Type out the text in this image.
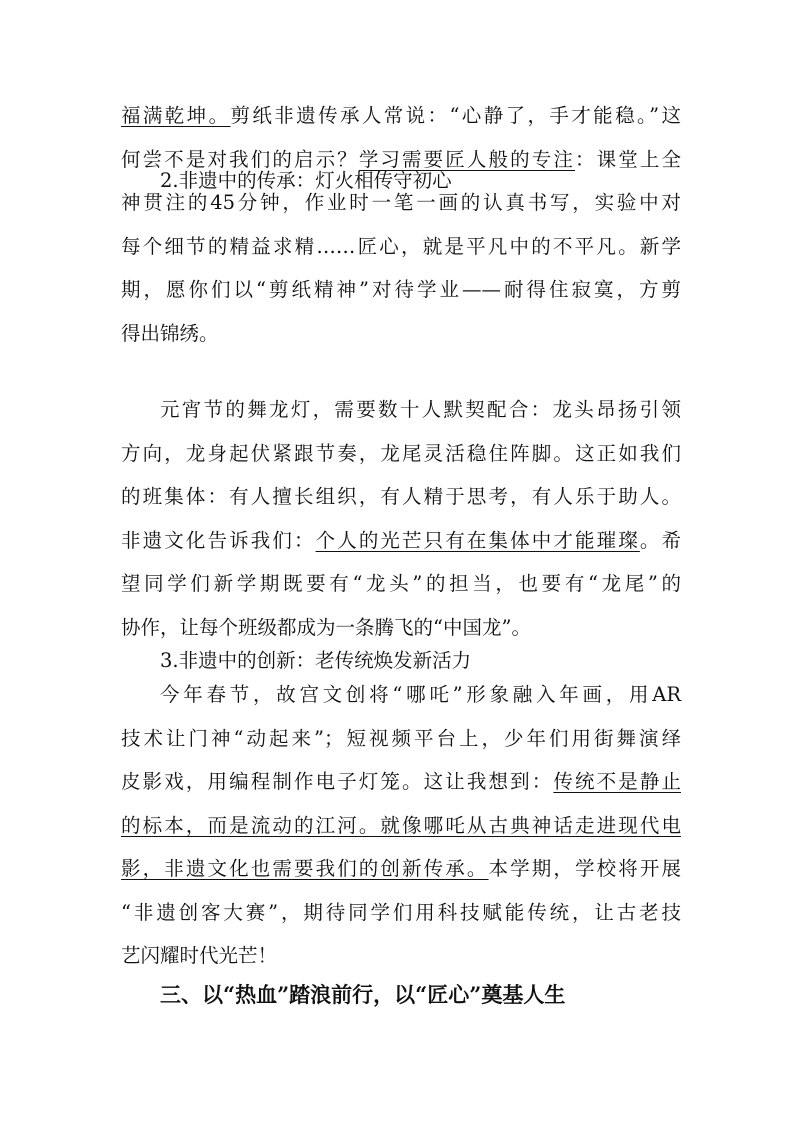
福满乾坤。剪纸非遗传承人常说：“心静了，手才能稳。”这
何尝不是对我们的启示？学习需要匠人般的专注：课堂上全
神贯注的45分钟，作业时一笔一画的认真书写，实验中对
每个细节的精益求精……匠心，就是平凡中的不平凡。新学
期，愿你们以“剪纸精神”对待学业——耐得住寂寞，方剪
得出锦绣。
2.非遗中的传承：灯火相传守初心
元宵节的舞龙灯，需要数十人默契配合：龙头昂扬引领
方向，龙身起伏紧跟节奏，龙尾灵活稳住阵脚。这正如我们
的班集体：有人擅长组织，有人精于思考，有人乐于助人。
非遗文化告诉我们：个人的光芒只有在集体中才能璀璨。希
望同学们新学期既要有“龙头”的担当，也要有“龙尾”的
协作，让每个班级都成为一条腾飞的“中国龙”。
3.非遗中的创新：老传统焕发新活力
今年春节，故宫文创将“哪吒”形象融入年画，用AR
技术让门神“动起来”；短视频平台上，少年们用街舞演绎
皮影戏，用编程制作电子灯笼。这让我想到：传统不是静止
的标本，而是流动的江河。就像哪吒从古典神话走进现代电
影，非遗文化也需要我们的创新传承。本学期，学校将开展
“非遗创客大赛”，期待同学们用科技赋能传统，让古老技
艺闪耀时代光芒！
三、以“热血”踏浪前行，以“匠心”奠基人生
